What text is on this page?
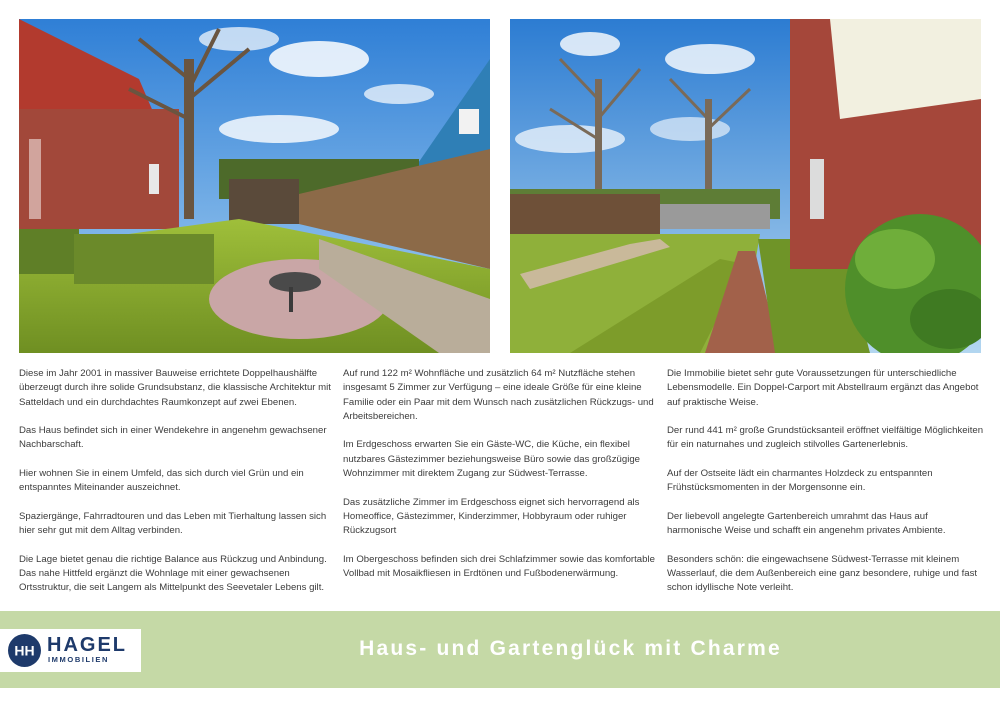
Diese im Jahr 2001 in massiver Bauweise errichtete Doppelhaushälfte überzeugt durch ihre solide Grundsubstanz, die klassische Architektur mit Satteldach und ein durchdachtes Raumkonzept auf zwei Ebenen.

Das Haus befindet sich in einer Wendekehre in angenehm gewachsener Nachbarschaft.

Hier wohnen Sie in einem Umfeld, das sich durch viel Grün und ein entspanntes Miteinander auszeichnet.

Spaziergänge, Fahrradtouren und das Leben mit Tierhaltung lassen sich hier sehr gut mit dem Alltag verbinden.

Die Lage bietet genau die richtige Balance aus Rückzug und Anbindung. Das nahe Hittfeld ergänzt die Wohnlage mit einer gewachsenen Ortsstruktur, die seit Langem als Mittelpunkt des Seevetaler Lebens gilt.

Auf rund 122 m² Wohnfläche und zusätzlich 64 m² Nutzfläche stehen insgesamt 5 Zimmer zur Verfügung – eine ideale Größe für eine kleine Familie oder ein Paar mit dem Wunsch nach zusätzlichen Rückzugs- und Arbeitsbereichen.

Im Erdgeschoss erwarten Sie ein Gäste-WC, die Küche, ein flexibel nutzbares Gästezimmer beziehungsweise Büro sowie das großzügige Wohnzimmer mit direktem Zugang zur Südwest-Terrasse.

Das zusätzliche Zimmer im Erdgeschoss eignet sich hervorragend als Homeoffice, Gästezimmer, Kinderzimmer, Hobbyraum oder ruhiger Rückzugsort

Im Obergeschoss befinden sich drei Schlafzimmer sowie das komfortable Vollbad mit Mosaikfliesen in Erdtönen und Fußbodenerwärmung.

Die Immobilie bietet sehr gute Voraussetzungen für unterschiedliche Lebensmodelle. Ein Doppel-Carport mit Abstellraum ergänzt das Angebot auf praktische Weise.

Der rund 441 m² große Grundstücksanteil eröffnet vielfältige Möglichkeiten für ein naturnahes und zugleich stilvolles Gartenerlebnis.

Auf der Ostseite lädt ein charmantes Holzdeck zu entspannten Frühstücksmomenten in der Morgensonne ein.

Der liebevoll angelegte Gartenbereich umrahmt das Haus auf harmonische Weise und schafft ein angenehm privates Ambiente.

Besonders schön: die eingewachsene Südwest-Terrasse mit kleinem Wasserlauf, die dem Außenbereich eine ganz besondere, ruhige und fast schon idyllische Note verleiht.

HH HAGEL
IMMOBILIEN	Haus- und Gartenglück mit Charme
